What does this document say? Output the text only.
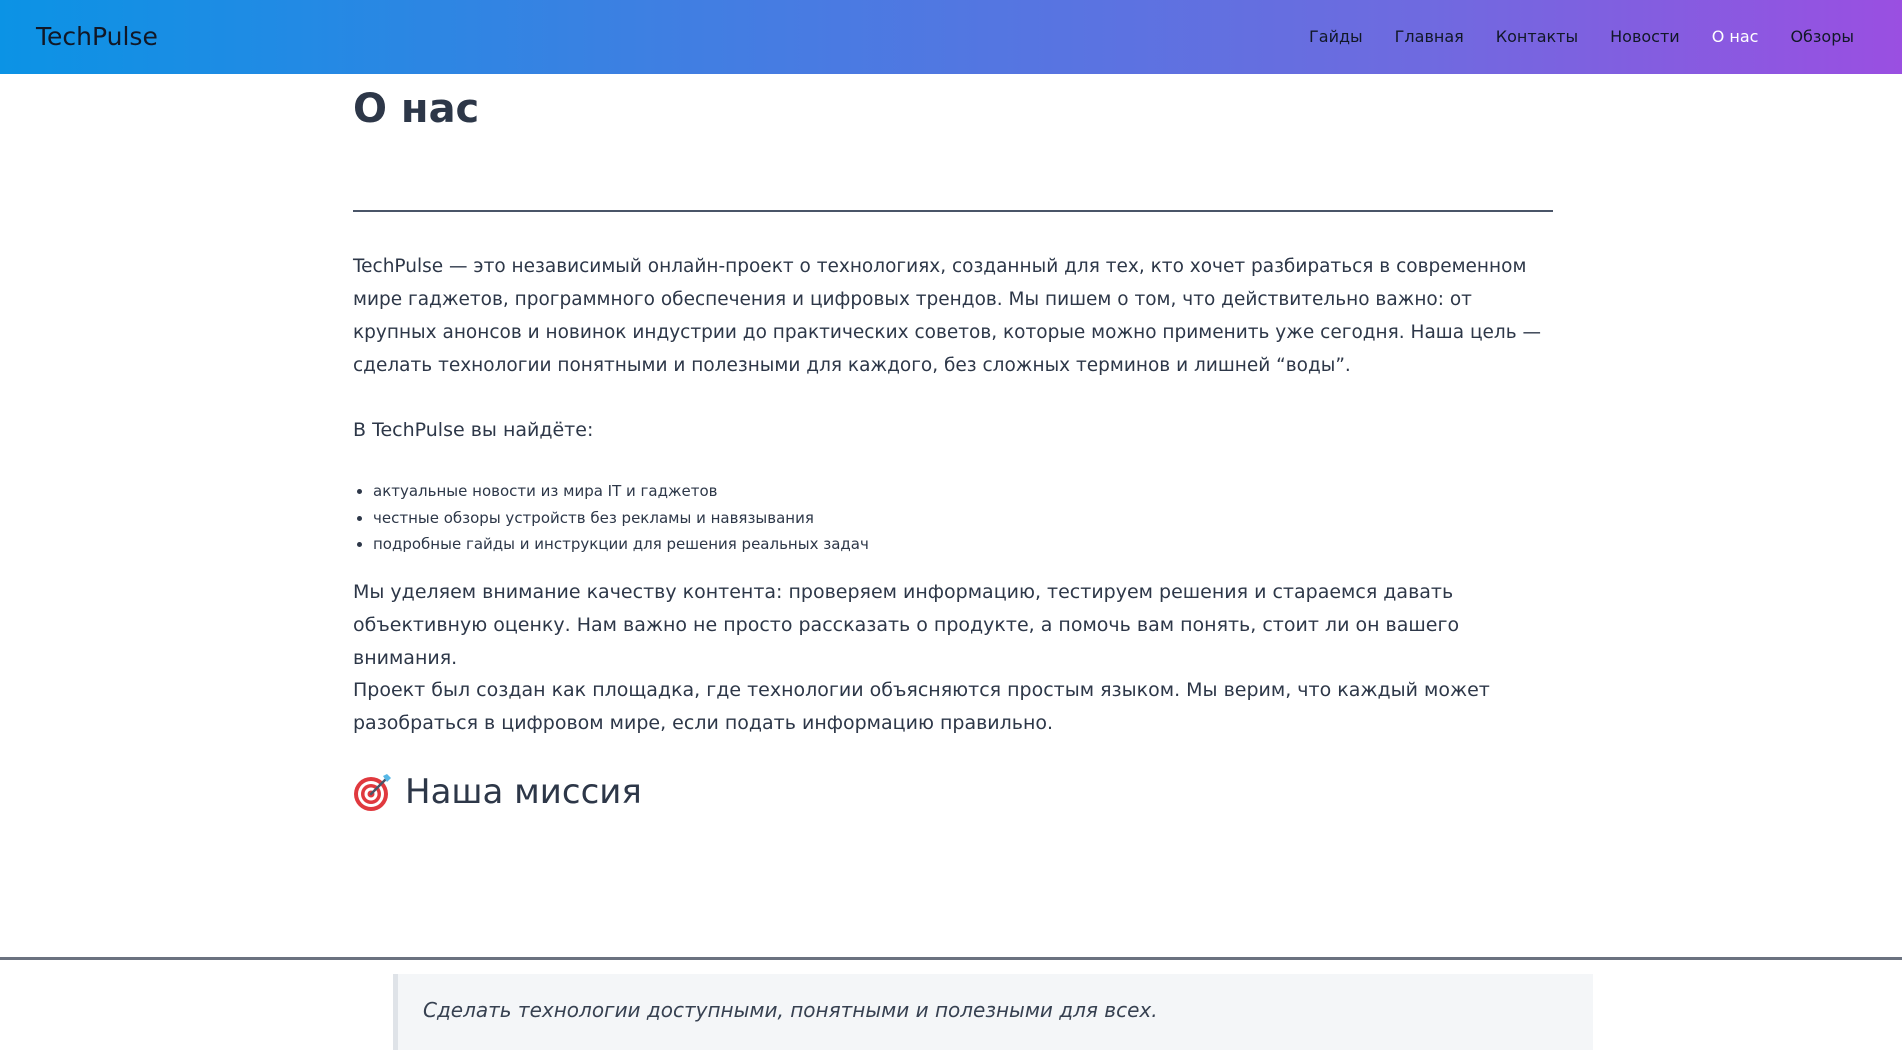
TechPulse	Гайды Главная Контакты Новости О нас Обзоры
О нас

TechPulse — это независимый онлайн-проект о технологиях, созданный для тех, кто хочет разбираться в современном мире гаджетов, программного обеспечения и цифровых трендов. Мы пишем о том, что действительно важно: от крупных анонсов и новинок индустрии до практических советов, которые можно применить уже сегодня. Наша цель — сделать технологии понятными и полезными для каждого, без сложных терминов и лишней “воды”.

В TechPulse вы найдёте:

• актуальные новости из мира IT и гаджетов
• честные обзоры устройств без рекламы и навязывания
• подробные гайды и инструкции для решения реальных задач

Мы уделяем внимание качеству контента: проверяем информацию, тестируем решения и стараемся давать объективную оценку. Нам важно не просто рассказать о продукте, а помочь вам понять, стоит ли он вашего внимания.

Проект был создан как площадка, где технологии объясняются простым языком. Мы верим, что каждый может разобраться в цифровом мире, если подать информацию правильно.

Наша миссия
Сделать технологии доступными, понятными и полезными для всех.
